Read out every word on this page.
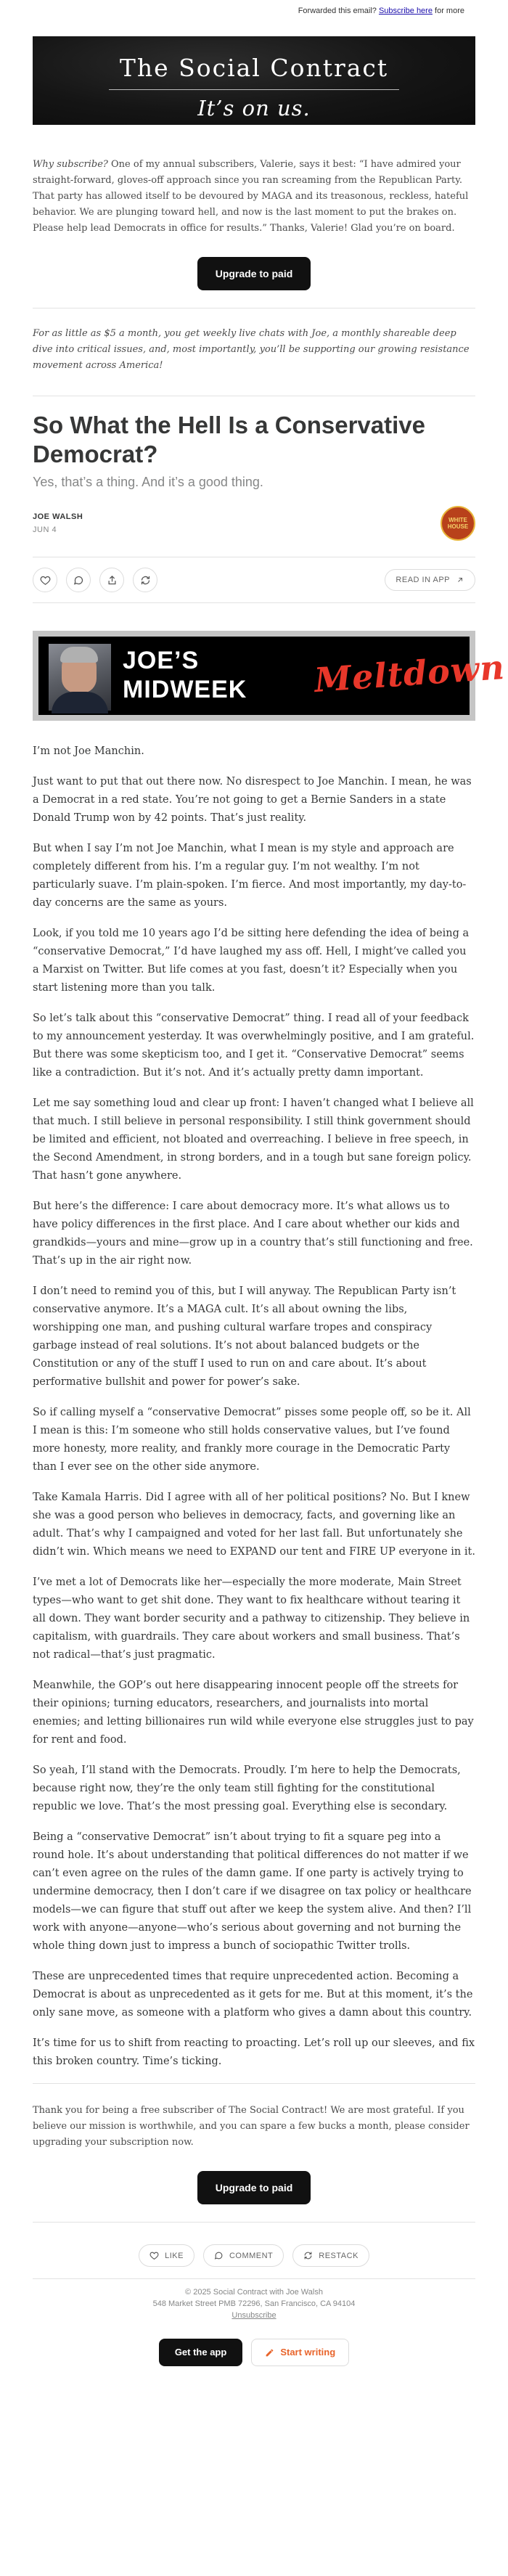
Forwarded this email? Subscribe here for more
The Social Contract
It’s on us.
Why subscribe? One of my annual subscribers, Valerie, says it best: “I have admired your straight-forward, gloves-off approach since you ran screaming from the Republican Party. That party has allowed itself to be devoured by MAGA and its treasonous, reckless, hateful behavior. We are plunging toward hell, and now is the last moment to put the brakes on. Please help lead Democrats in office for results.” Thanks, Valerie! Glad you’re on board.
Upgrade to paid
For as little as $5 a month, you get weekly live chats with Joe, a monthly shareable deep dive into critical issues, and, most importantly, you’ll be supporting our growing resistance movement across America!
So What the Hell Is a Conservative Democrat?
Yes, that’s a thing. And it’s a good thing.
JOE WALSH
JUN 4
WHITE HOUSE
READ IN APP
JOE’S
MIDWEEK Meltdown

I’m not Joe Manchin.

Just want to put that out there now. No disrespect to Joe Manchin. I mean, he was a Democrat in a red state. You’re not going to get a Bernie Sanders in a state Donald Trump won by 42 points. That’s just reality.

But when I say I’m not Joe Manchin, what I mean is my style and approach are completely different from his. I’m a regular guy. I’m not wealthy. I’m not particularly suave. I’m plain-spoken. I’m fierce. And most importantly, my day-to-day concerns are the same as yours.

Look, if you told me 10 years ago I’d be sitting here defending the idea of being a “conservative Democrat,” I’d have laughed my ass off. Hell, I might’ve called you a Marxist on Twitter. But life comes at you fast, doesn’t it? Especially when you start listening more than you talk.

So let’s talk about this “conservative Democrat” thing. I read all of your feedback to my announcement yesterday. It was overwhelmingly positive, and I am grateful. But there was some skepticism too, and I get it. “Conservative Democrat” seems like a contradiction. But it’s not. And it’s actually pretty damn important.

Let me say something loud and clear up front: I haven’t changed what I believe all that much. I still believe in personal responsibility. I still think government should be limited and efficient, not bloated and overreaching. I believe in free speech, in the Second Amendment, in strong borders, and in a tough but sane foreign policy. That hasn’t gone anywhere.

But here’s the difference: I care about democracy more. It’s what allows us to have policy differences in the first place. And I care about whether our kids and grandkids—yours and mine—grow up in a country that’s still functioning and free. That’s up in the air right now.

I don’t need to remind you of this, but I will anyway. The Republican Party isn’t conservative anymore. It’s a MAGA cult. It’s all about owning the libs, worshipping one man, and pushing cultural warfare tropes and conspiracy garbage instead of real solutions. It’s not about balanced budgets or the Constitution or any of the stuff I used to run on and care about. It’s about performative bullshit and power for power’s sake.

So if calling myself a “conservative Democrat” pisses some people off, so be it. All I mean is this: I’m someone who still holds conservative values, but I’ve found more honesty, more reality, and frankly more courage in the Democratic Party than I ever see on the other side anymore.

Take Kamala Harris. Did I agree with all of her political positions? No. But I knew she was a good person who believes in democracy, facts, and governing like an adult. That’s why I campaigned and voted for her last fall. But unfortunately she didn’t win. Which means we need to EXPAND our tent and FIRE UP everyone in it.

I’ve met a lot of Democrats like her—especially the more moderate, Main Street types—who want to get shit done. They want to fix healthcare without tearing it all down. They want border security and a pathway to citizenship. They believe in capitalism, with guardrails. They care about workers and small business. That’s not radical—that’s just pragmatic.

Meanwhile, the GOP’s out here disappearing innocent people off the streets for their opinions; turning educators, researchers, and journalists into mortal enemies; and letting billionaires run wild while everyone else struggles just to pay for rent and food.

So yeah, I’ll stand with the Democrats. Proudly. I’m here to help the Democrats, because right now, they’re the only team still fighting for the constitutional republic we love. That’s the most pressing goal. Everything else is secondary.

Being a “conservative Democrat” isn’t about trying to fit a square peg into a round hole. It’s about understanding that political differences do not matter if we can’t even agree on the rules of the damn game. If one party is actively trying to undermine democracy, then I don’t care if we disagree on tax policy or healthcare models—we can figure that stuff out after we keep the system alive. And then? I’ll work with anyone—anyone—who’s serious about governing and not burning the whole thing down just to impress a bunch of sociopathic Twitter trolls.

These are unprecedented times that require unprecedented action. Becoming a Democrat is about as unprecedented as it gets for me. But at this moment, it’s the only sane move, as someone with a platform who gives a damn about this country.

It’s time for us to shift from reacting to proacting. Let’s roll up our sleeves, and fix this broken country. Time’s ticking.

Thank you for being a free subscriber of The Social Contract! We are most grateful. If you believe our mission is worthwhile, and you can spare a few bucks a month, please consider upgrading your subscription now.
Upgrade to paid
LIKE	COMMENT	RESTACK
© 2025 Social Contract with Joe Walsh
548 Market Street PMB 72296, San Francisco, CA 94104
Unsubscribe
Get the app	Start writing
